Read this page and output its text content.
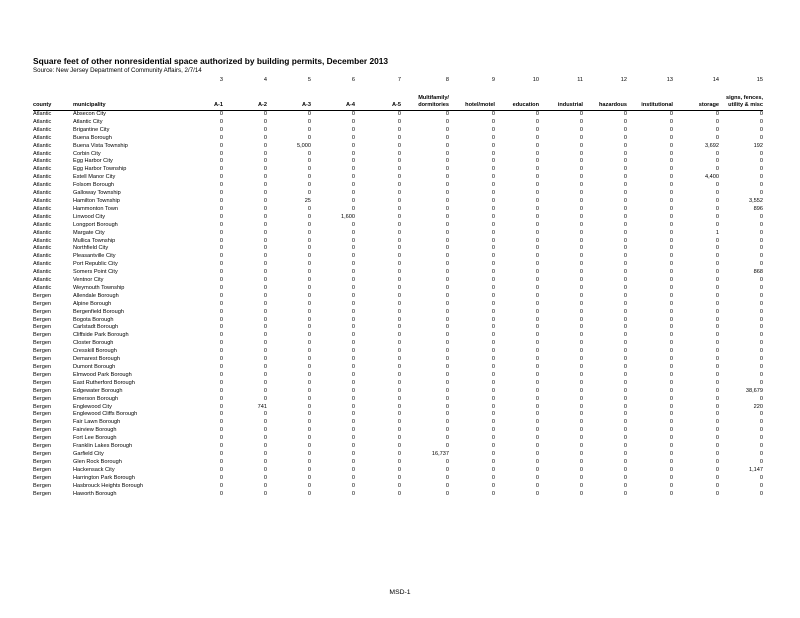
Square feet of other nonresidential space authorized by building permits, December 2013
Source: New Jersey Department of Community Affairs, 2/7/14
		3	4	5	6	7	8	9	10	11	12	13	14	15
county	municipality	A-1	A-2	A-3	A-4	A-5	Multifamily/
dormitories	hotel/motel	education	industrial	hazardous	institutional	storage	signs, fences,
utility & misc
Atlantic	Absecon City	0	0	0	0	0	0	0	0	0	0	0	0	0
Atlantic	Atlantic City	0	0	0	0	0	0	0	0	0	0	0	0	0
Atlantic	Brigantine City	0	0	0	0	0	0	0	0	0	0	0	0	0
Atlantic	Buena Borough	0	0	0	0	0	0	0	0	0	0	0	0	0
Atlantic	Buena Vista Township	0	0	5,000	0	0	0	0	0	0	0	0	3,692	192
Atlantic	Corbin City	0	0	0	0	0	0	0	0	0	0	0	0	0
Atlantic	Egg Harbor City	0	0	0	0	0	0	0	0	0	0	0	0	0
Atlantic	Egg Harbor Township	0	0	0	0	0	0	0	0	0	0	0	0	0
Atlantic	Estell Manor City	0	0	0	0	0	0	0	0	0	0	0	4,400	0
Atlantic	Folsom Borough	0	0	0	0	0	0	0	0	0	0	0	0	0
Atlantic	Galloway Township	0	0	0	0	0	0	0	0	0	0	0	0	0
Atlantic	Hamilton Township	0	0	25	0	0	0	0	0	0	0	0	0	3,552
Atlantic	Hammonton Town	0	0	0	0	0	0	0	0	0	0	0	0	896
Atlantic	Linwood City	0	0	0	1,600	0	0	0	0	0	0	0	0	0
Atlantic	Longport Borough	0	0	0	0	0	0	0	0	0	0	0	0	0
Atlantic	Margate City	0	0	0	0	0	0	0	0	0	0	0	1	0
Atlantic	Mullica Township	0	0	0	0	0	0	0	0	0	0	0	0	0
Atlantic	Northfield City	0	0	0	0	0	0	0	0	0	0	0	0	0
Atlantic	Pleasantville City	0	0	0	0	0	0	0	0	0	0	0	0	0
Atlantic	Port Republic City	0	0	0	0	0	0	0	0	0	0	0	0	0
Atlantic	Somers Point City	0	0	0	0	0	0	0	0	0	0	0	0	868
Atlantic	Ventnor City	0	0	0	0	0	0	0	0	0	0	0	0	0
Atlantic	Weymouth Township	0	0	0	0	0	0	0	0	0	0	0	0	0
Bergen	Allendale Borough	0	0	0	0	0	0	0	0	0	0	0	0	0
Bergen	Alpine Borough	0	0	0	0	0	0	0	0	0	0	0	0	0
Bergen	Bergenfield Borough	0	0	0	0	0	0	0	0	0	0	0	0	0
Bergen	Bogota Borough	0	0	0	0	0	0	0	0	0	0	0	0	0
Bergen	Carlstadt Borough	0	0	0	0	0	0	0	0	0	0	0	0	0
Bergen	Cliffside Park Borough	0	0	0	0	0	0	0	0	0	0	0	0	0
Bergen	Closter Borough	0	0	0	0	0	0	0	0	0	0	0	0	0
Bergen	Cresskill Borough	0	0	0	0	0	0	0	0	0	0	0	0	0
Bergen	Demarest Borough	0	0	0	0	0	0	0	0	0	0	0	0	0
Bergen	Dumont Borough	0	0	0	0	0	0	0	0	0	0	0	0	0
Bergen	Elmwood Park Borough	0	0	0	0	0	0	0	0	0	0	0	0	0
Bergen	East Rutherford Borough	0	0	0	0	0	0	0	0	0	0	0	0	0
Bergen	Edgewater Borough	0	0	0	0	0	0	0	0	0	0	0	0	38,679
Bergen	Emerson Borough	0	0	0	0	0	0	0	0	0	0	0	0	0
Bergen	Englewood City	0	741	0	0	0	0	0	0	0	0	0	0	220
Bergen	Englewood Cliffs Borough	0	0	0	0	0	0	0	0	0	0	0	0	0
Bergen	Fair Lawn Borough	0	0	0	0	0	0	0	0	0	0	0	0	0
Bergen	Fairview Borough	0	0	0	0	0	0	0	0	0	0	0	0	0
Bergen	Fort Lee Borough	0	0	0	0	0	0	0	0	0	0	0	0	0
Bergen	Franklin Lakes Borough	0	0	0	0	0	0	0	0	0	0	0	0	0
Bergen	Garfield City	0	0	0	0	0	16,737	0	0	0	0	0	0	0
Bergen	Glen Rock Borough	0	0	0	0	0	0	0	0	0	0	0	0	0
Bergen	Hackensack City	0	0	0	0	0	0	0	0	0	0	0	0	1,147
Bergen	Harrington Park Borough	0	0	0	0	0	0	0	0	0	0	0	0	0
Bergen	Hasbrouck Heights Borough	0	0	0	0	0	0	0	0	0	0	0	0	0
Bergen	Haworth Borough	0	0	0	0	0	0	0	0	0	0	0	0	0
MSD-1
